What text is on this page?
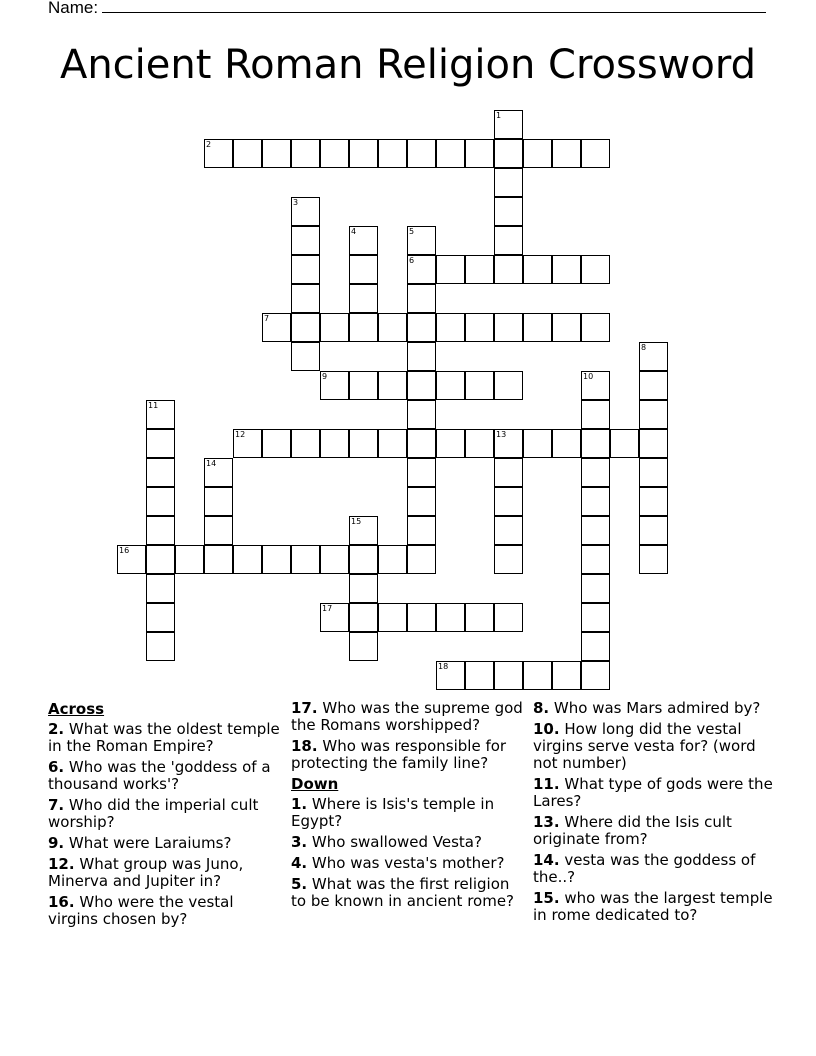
Name:
Ancient Roman Religion Crossword
1
2
3
4	5
6
7
8
9	10
11
12	13
14
15
16
17
18
Across
2. What was the oldest temple in the Roman Empire?
6. Who was the 'goddess of a thousand works'?
7. Who did the imperial cult worship?
9. What were Laraiums?
12. What group was Juno, Minerva and Jupiter in?
16. Who were the vestal virgins chosen by?
17. Who was the supreme god the Romans worshipped?
18. Who was responsible for protecting the family line?
Down
1. Where is Isis's temple in Egypt?
3. Who swallowed Vesta?
4. Who was vesta's mother?
5. What was the first religion to be known in ancient rome?
8. Who was Mars admired by?
10. How long did the vestal virgins serve vesta for? (word not number)
11. What type of gods were the Lares?
13. Where did the Isis cult originate from?
14. vesta was the goddess of the..?
15. who was the largest temple in rome dedicated to?
